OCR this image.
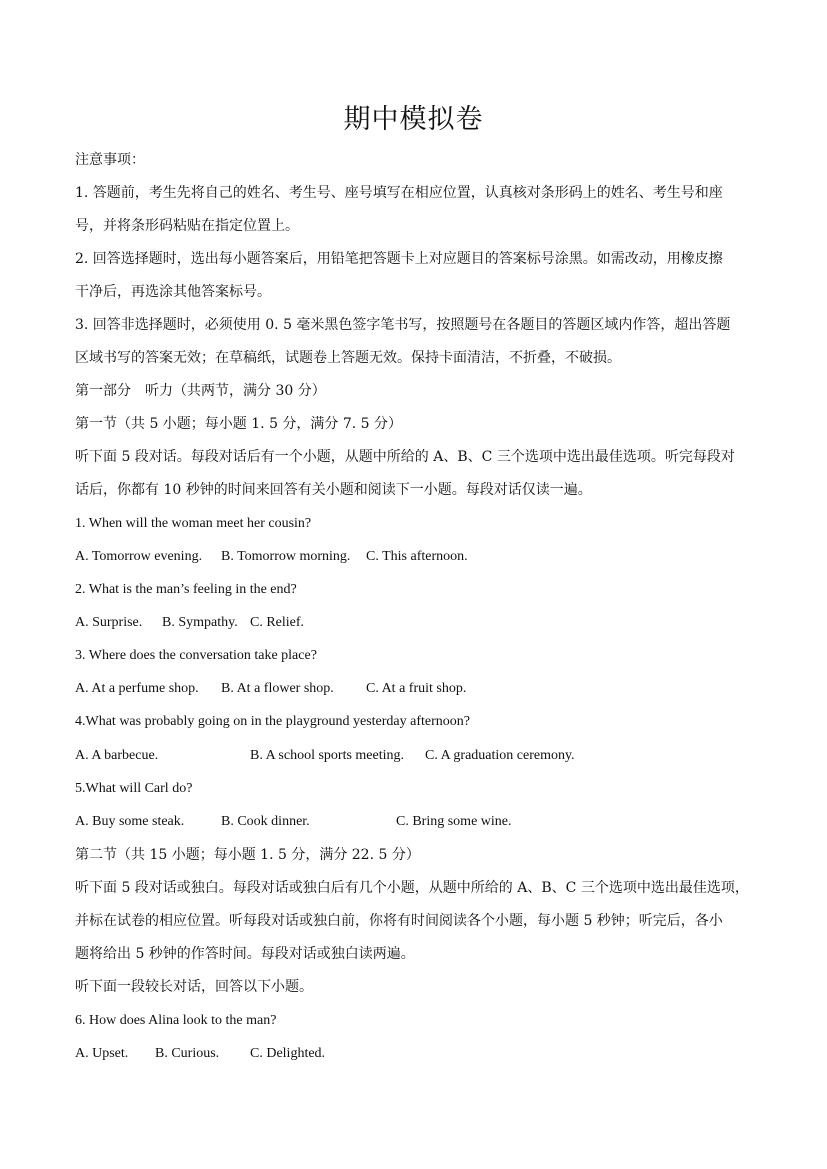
期中模拟卷
注意事项：
1. 答题前，考生先将自己的姓名、考生号、座号填写在相应位置，认真核对条形码上的姓名、考生号和座
号，并将条形码粘贴在指定位置上。
2. 回答选择题时，选出每小题答案后，用铅笔把答题卡上对应题目的答案标号涂黑。如需改动，用橡皮擦
干净后，再选涂其他答案标号。
3. 回答非选择题时，必须使用 0. 5 毫米黑色签字笔书写，按照题号在各题目的答题区域内作答，超出答题
区域书写的答案无效；在草稿纸，试题卷上答题无效。保持卡面清洁，不折叠，不破损。
第一部分　听力（共两节，满分 30 分）
第一节（共 5 小题；每小题 1. 5 分，满分 7. 5 分）
听下面 5 段对话。每段对话后有一个小题，从题中所给的 A、B、C 三个选项中选出最佳选项。听完每段对
话后，你都有 10 秒钟的时间来回答有关小题和阅读下一小题。每段对话仅读一遍。
1. When will the woman meet her cousin?
A. Tomorrow evening. B. Tomorrow morning. C. This afternoon.
2. What is the man’s feeling in the end?
A. Surprise. B. Sympathy. C. Relief.
3. Where does the conversation take place?
A. At a perfume shop. B. At a flower shop. C. At a fruit shop.
4.What was probably going on in the playground yesterday afternoon?
A. A barbecue.	B. A school sports meeting. C. A graduation ceremony.
5.What will Carl do?
A. Buy some steak.	B. Cook dinner.	C. Bring some wine.
第二节（共 15 小题；每小题 1. 5 分，满分 22. 5 分）
听下面 5 段对话或独白。每段对话或独白后有几个小题，从题中所给的 A、B、C 三个选项中选出最佳选项，
并标在试卷的相应位置。听每段对话或独白前，你将有时间阅读各个小题，每小题 5 秒钟；听完后，各小
题将给出 5 秒钟的作答时间。每段对话或独白读两遍。
听下面一段较长对话，回答以下小题。
6. How does Alina look to the man?
A. Upset. B. Curious. C. Delighted.
